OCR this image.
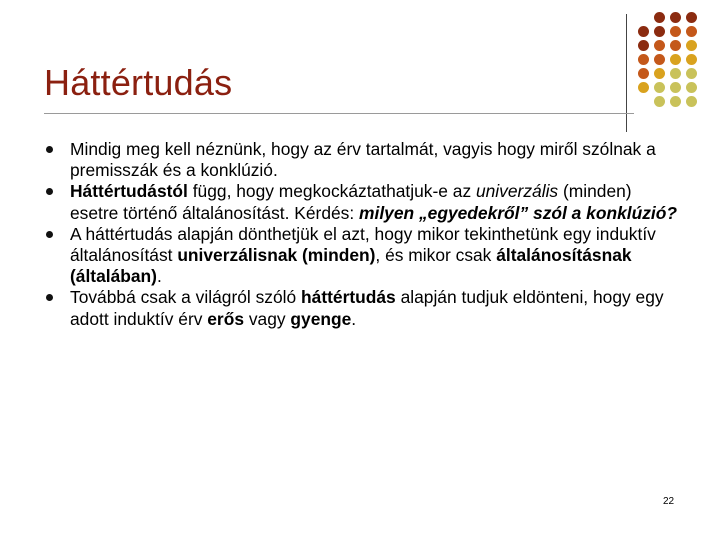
Háttértudás
Mindig meg kell néznünk, hogy az érv tartalmát, vagyis hogy miről szólnak a premisszák és a konklúzió.
Háttértudástól függ, hogy megkockáztathatjuk-e az univerzális (minden) esetre történő általánosítást. Kérdés: milyen „egyedekről” szól a konklúzió?
A háttértudás alapján dönthetjük el azt, hogy mikor tekinthetünk egy induktív általánosítást univerzálisnak (minden), és mikor csak általánosításnak (általában).
Továbbá csak a világról szóló háttértudás alapján tudjuk eldönteni, hogy egy adott induktív érv erős vagy gyenge.
22
